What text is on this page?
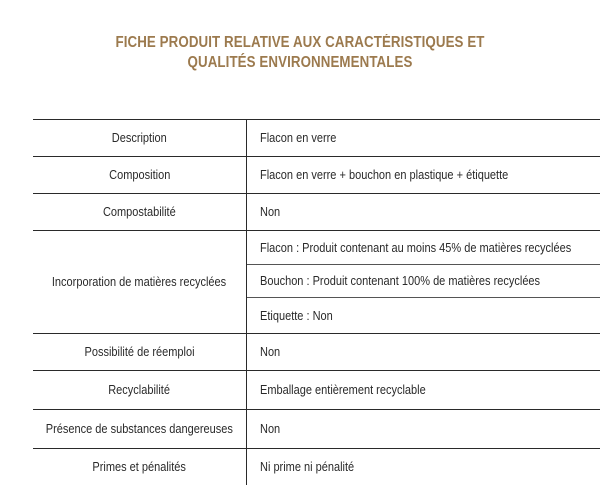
FICHE PRODUIT RELATIVE AUX CARACTÉRISTIQUES ET
QUALITÉS ENVIRONNEMENTALES
Description	Flacon en verre
Composition	Flacon en verre + bouchon en plastique + étiquette
Compostabilité	Non
Incorporation de matières recyclées	Flacon : Produit contenant au moins 45% de matières recyclées
	Bouchon : Produit contenant 100% de matières recyclées
	Etiquette : Non
Possibilité de réemploi	Non
Recyclabilité	Emballage entièrement recyclable
Présence de substances dangereuses	Non
Primes et pénalités	Ni prime ni pénalité
